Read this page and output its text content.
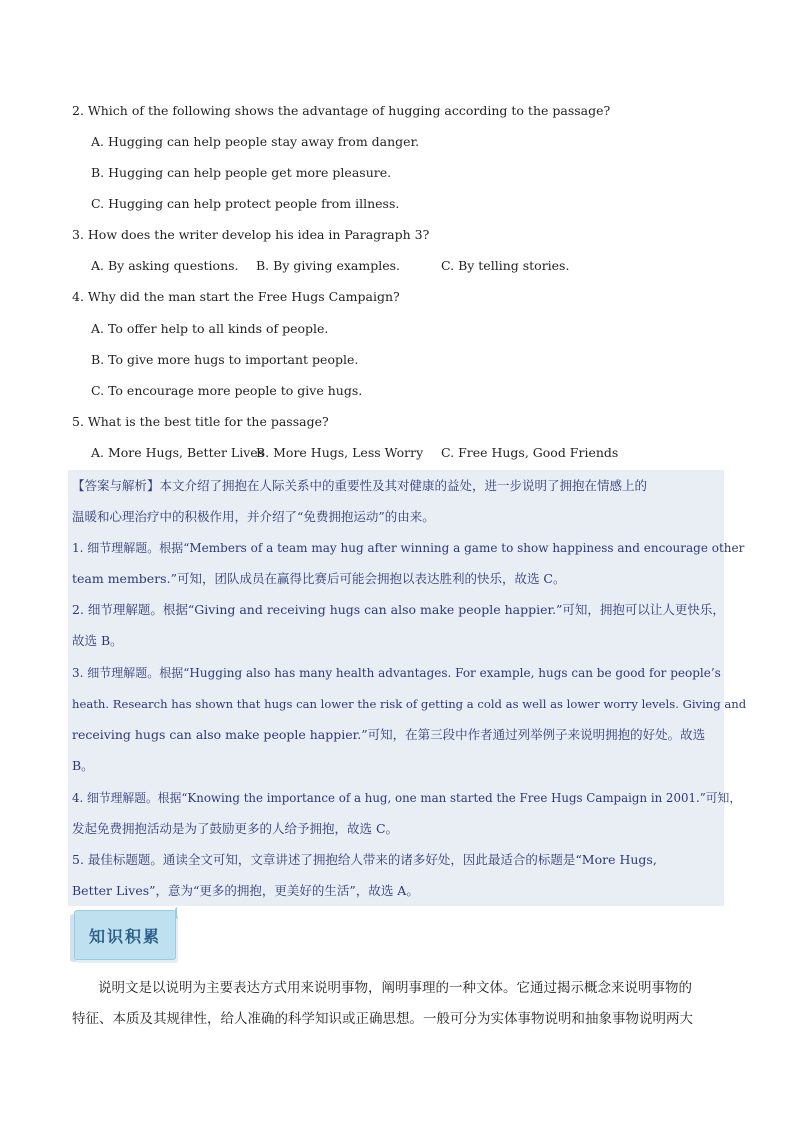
2. Which of the following shows the advantage of hugging according to the passage?
A. Hugging can help people stay away from danger.
B. Hugging can help people get more pleasure.
C. Hugging can help protect people from illness.
3. How does the writer develop his idea in Paragraph 3?
A. By asking questions. B. By giving examples.	C. By telling stories.
4. Why did the man start the Free Hugs Campaign?
A. To offer help to all kinds of people.
B. To give more hugs to important people.
C. To encourage more people to give hugs.
5. What is the best title for the passage?
A. More Hugs, Better Lives
B. More Hugs, Less Worry C. Free Hugs, Good Friends
【答案与解析】本文介绍了拥抱在人际关系中的重要性及其对健康的益处，进一步说明了拥抱在情感上的
温暖和心理治疗中的积极作用，并介绍了“免费拥抱运动”的由来。
1. 细节理解题。根据“Members of a team may hug after winning a game to show happiness and encourage other
team members.”可知，团队成员在赢得比赛后可能会拥抱以表达胜利的快乐，故选 C。
2. 细节理解题。根据“Giving and receiving hugs can also make people happier.”可知，拥抱可以让人更快乐，
故选 B。
3. 细节理解题。根据“Hugging also has many health advantages. For example, hugs can be good for people’s
heath. Research has shown that hugs can lower the risk of getting a cold as well as lower worry levels. Giving and
receiving hugs can also make people happier.”可知，在第三段中作者通过列举例子来说明拥抱的好处。故选
B。
4. 细节理解题。根据“Knowing the importance of a hug, one man started the Free Hugs Campaign in 2001.”可知，
发起免费拥抱活动是为了鼓励更多的人给予拥抱，故选 C。
5. 最佳标题题。通读全文可知，文章讲述了拥抱给人带来的诸多好处，因此最适合的标题是“More Hugs,
Better Lives”，意为“更多的拥抱，更美好的生活”，故选 A。
知识积累
说明文是以说明为主要表达方式用来说明事物，阐明事理的一种文体。它通过揭示概念来说明事物的
特征、本质及其规律性，给人准确的科学知识或正确思想。一般可分为实体事物说明和抽象事物说明两大
